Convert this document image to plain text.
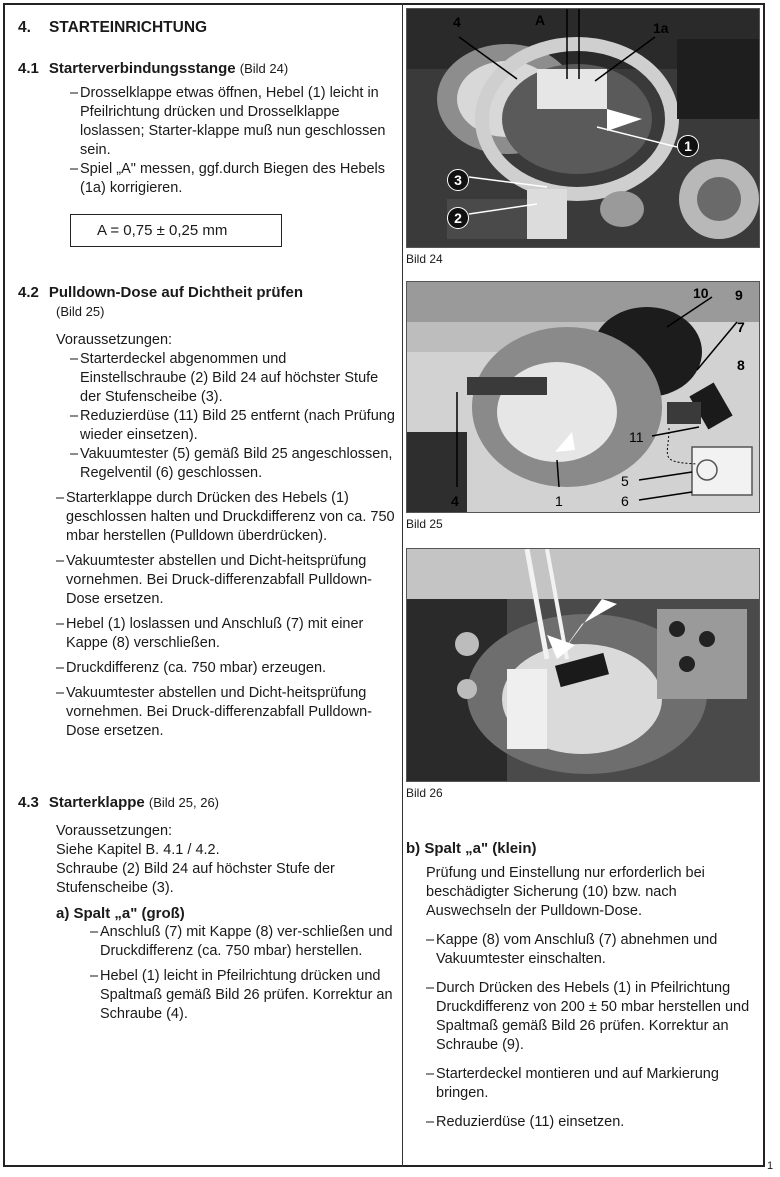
1
4. STARTEINRICHTUNG
4.1 Starterverbindungsstange (Bild 24)
– Drosselklappe etwas öffnen, Hebel (1) leicht in Pfeilrichtung drücken und Drosselklappe loslassen; Starter-klappe muß nun geschlossen sein.
– Spiel „A" messen, ggf.durch Biegen des Hebels (1a) korrigieren.
A = 0,75 ± 0,25 mm
4.2 Pulldown-Dose auf Dichtheit prüfen
(Bild 25)
Voraussetzungen:
– Starterdeckel abgenommen und Einstellschraube (2) Bild 24 auf höchster Stufe der Stufenscheibe (3).
– Reduzierdüse (11) Bild 25 entfernt (nach Prüfung wieder einsetzen).
– Vakuumtester (5) gemäß Bild 25 angeschlossen, Regelventil (6) geschlossen.
– Starterklappe durch Drücken des Hebels (1) geschlossen halten und Druckdifferenz von ca. 750 mbar herstellen (Pulldown überdrücken).
– Vakuumtester abstellen und Dicht-heitsprüfung vornehmen. Bei Druck-differenzabfall Pulldown-Dose ersetzen.
– Hebel (1) loslassen und Anschluß (7) mit einer Kappe (8) verschließen.
– Druckdifferenz (ca. 750 mbar) erzeugen.
– Vakuumtester abstellen und Dicht-heitsprüfung vornehmen. Bei Druck-differenzabfall Pulldown-Dose ersetzen.
4.3 Starterklappe (Bild 25, 26)
Voraussetzungen:
Siehe Kapitel B. 4.1 / 4.2.
Schraube (2) Bild 24 auf höchster Stufe der Stufenscheibe (3).
a) Spalt „a" (groß)
– Anschluß (7) mit Kappe (8) ver-schließen und Druckdifferenz (ca. 750 mbar) herstellen.
– Hebel (1) leicht in Pfeilrichtung drücken und Spaltmaß gemäß Bild 26 prüfen. Korrektur an Schraube (4).
4	A	1a
1
3
2
Bild 24
10 9
7
8
11
5
6
4	1
Bild 25
Bild 26
b) Spalt „a" (klein)
Prüfung und Einstellung nur erforderlich bei beschädigter Sicherung (10) bzw. nach Auswechseln der Pulldown-Dose.
– Kappe (8) vom Anschluß (7) abnehmen und Vakuumtester einschalten.
– Durch Drücken des Hebels (1) in Pfeilrichtung Druckdifferenz von 200 ± 50 mbar herstellen und Spaltmaß gemäß Bild 26 prüfen. Korrektur an Schraube (9).
– Starterdeckel montieren und auf Markierung bringen.
– Reduzierdüse (11) einsetzen.
